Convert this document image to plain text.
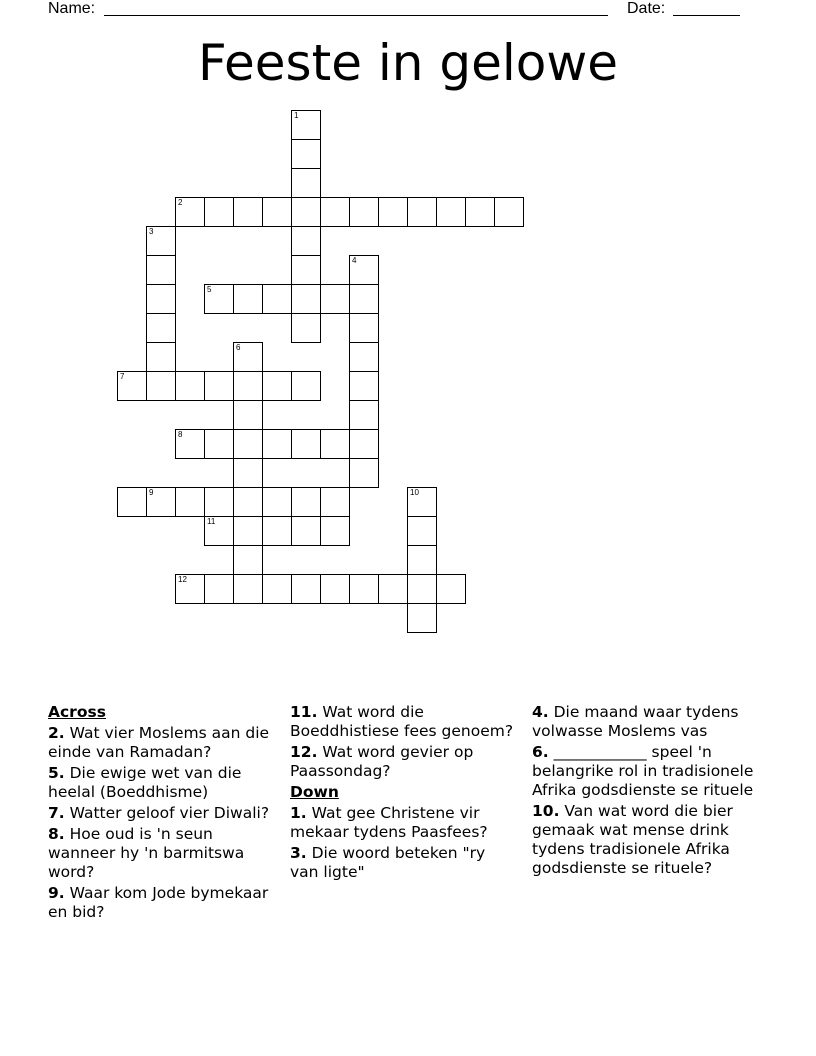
Name:	Date:
Feeste in gelowe
1
2
3
4
5
6
7
8
9	10
11
12

Across

2. Wat vier Moslems aan die einde van Ramadan?

5. Die ewige wet van die heelal (Boeddhisme)

7. Watter geloof vier Diwali?

8. Hoe oud is 'n seun wanneer hy 'n barmitswa word?

9. Waar kom Jode bymekaar en bid?

11. Wat word die Boeddhistiese fees genoem?

12. Wat word gevier op Paassondag?

Down

1. Wat gee Christene vir mekaar tydens Paasfees?

3. Die woord beteken "ry van ligte"

4. Die maand waar tydens volwasse Moslems vas

6. ____________ speel 'n belangrike rol in tradisionele Afrika godsdienste se rituele

10. Van wat word die bier gemaak wat mense drink tydens tradisionele Afrika godsdienste se rituele?
